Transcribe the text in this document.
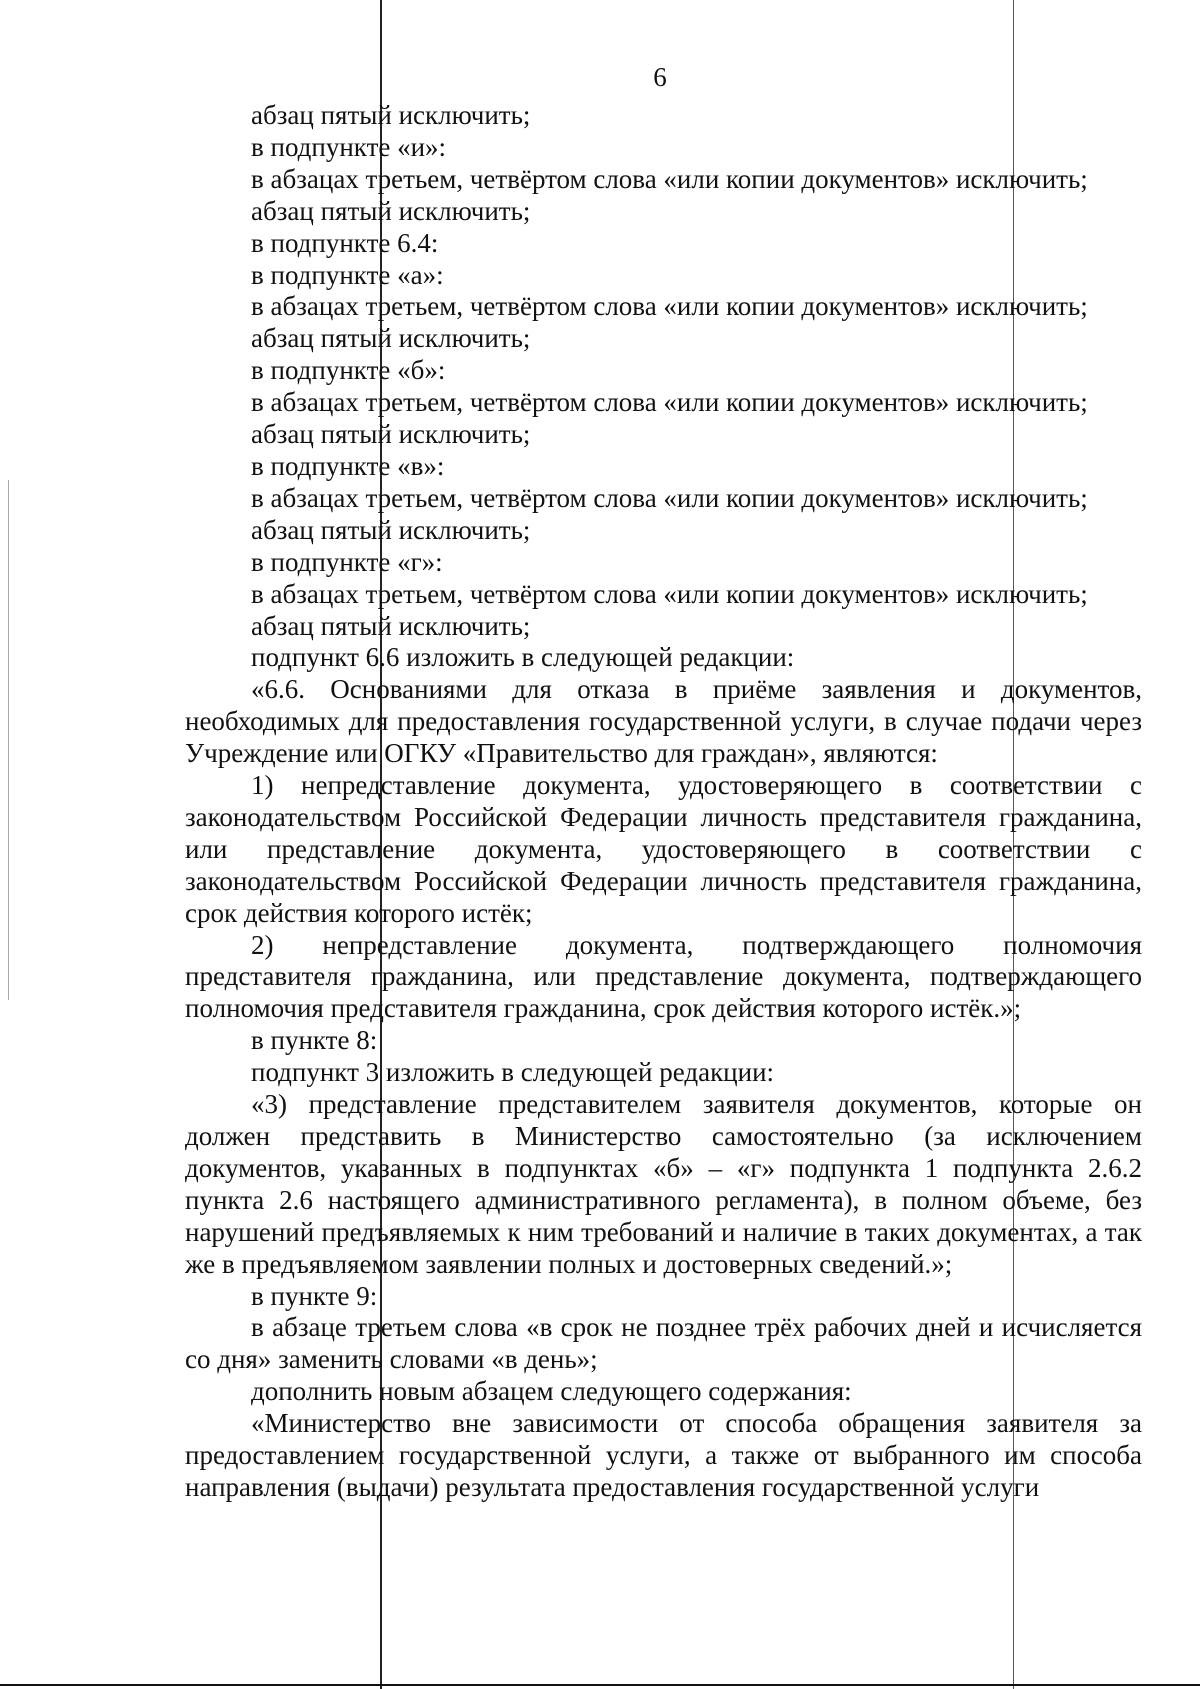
6

абзац пятый исключить;

в подпункте «и»:

в абзацах третьем, четвёртом слова «или копии документов» исключить;

абзац пятый исключить;

в подпункте 6.4:

в подпункте «а»:

в абзацах третьем, четвёртом слова «или копии документов» исключить;

абзац пятый исключить;

в подпункте «б»:

в абзацах третьем, четвёртом слова «или копии документов» исключить;

абзац пятый исключить;

в подпункте «в»:

в абзацах третьем, четвёртом слова «или копии документов» исключить;

абзац пятый исключить;

в подпункте «г»:

в абзацах третьем, четвёртом слова «или копии документов» исключить;

абзац пятый исключить;

подпункт 6.6 изложить в следующей редакции:

«6.6. Основаниями для отказа в приёме заявления и документов, необходимых для предоставления государственной услуги, в случае подачи через Учреждение или ОГКУ «Правительство для граждан», являются:

1) непредставление документа, удостоверяющего в соответствии с законодательством Российской Федерации личность представителя гражданина, или представление документа, удостоверяющего в соответствии с законодательством Российской Федерации личность представителя гражданина, срок действия которого истёк;

2) непредставление документа, подтверждающего полномочия представителя гражданина, или представление документа, подтверждающего полномочия представителя гражданина, срок действия которого истёк.»;

в пункте 8:

подпункт 3 изложить в следующей редакции:

«3) представление представителем заявителя документов, которые он должен представить в Министерство самостоятельно (за исключением документов, указанных в подпунктах «б» – «г» подпункта 1 подпункта 2.6.2 пункта 2.6 настоящего административного регламента), в полном объеме, без нарушений предъявляемых к ним требований и наличие в таких документах, а так же в предъявляемом заявлении полных и достоверных сведений.»;

в пункте 9:

в абзаце третьем слова «в срок не позднее трёх рабочих дней и исчисляется со дня» заменить словами «в день»;

дополнить новым абзацем следующего содержания:

«Министерство вне зависимости от способа обращения заявителя за предоставлением государственной услуги, а также от выбранного им способа направления (выдачи) результата предоставления государственной услуги
